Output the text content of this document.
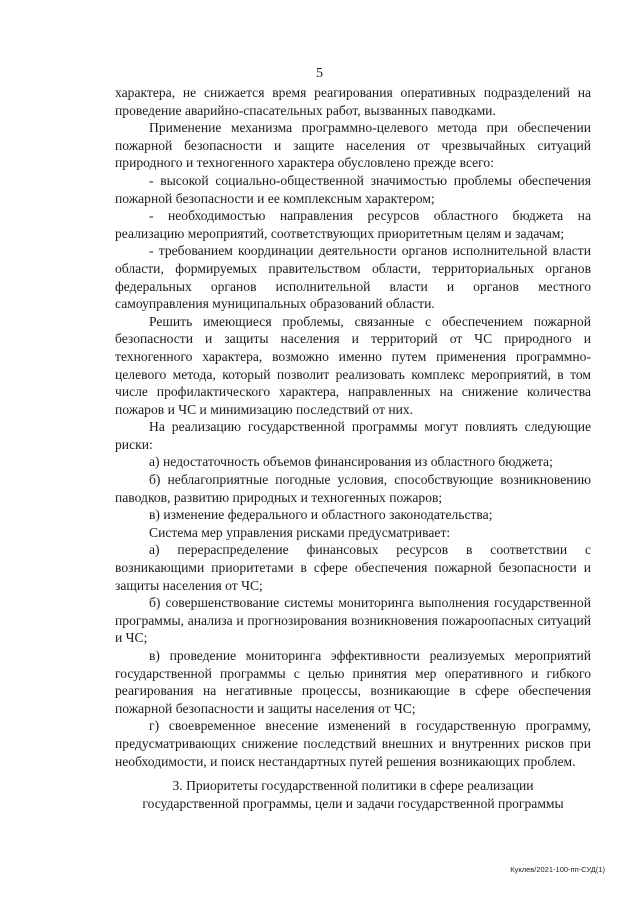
5

характера, не снижается время реагирования оперативных подразделений на проведение аварийно-спасательных работ, вызванных паводками.

Применение механизма программно-целевого метода при обеспечении пожарной безопасности и защите населения от чрезвычайных ситуаций природного и техногенного характера обусловлено прежде всего:

- высокой социально-общественной значимостью проблемы обеспечения пожарной безопасности и ее комплексным характером;

- необходимостью направления ресурсов областного бюджета на реализацию мероприятий, соответствующих приоритетным целям и задачам;

- требованием координации деятельности органов исполнительной власти области, формируемых правительством области, территориальных органов федеральных органов исполнительной власти и органов местного самоуправления муниципальных образований области.

Решить имеющиеся проблемы, связанные с обеспечением пожарной безопасности и защиты населения и территорий от ЧС природного и техногенного характера, возможно именно путем применения программно-целевого метода, который позволит реализовать комплекс мероприятий, в том числе профилактического характера, направленных на снижение количества пожаров и ЧС и минимизацию последствий от них.

На реализацию государственной программы могут повлиять следующие риски:

а) недостаточность объемов финансирования из областного бюджета;

б) неблагоприятные погодные условия, способствующие возникновению паводков, развитию природных и техногенных пожаров;

в) изменение федерального и областного законодательства;

Система мер управления рисками предусматривает:

а) перераспределение финансовых ресурсов в соответствии с возникающими приоритетами в сфере обеспечения пожарной безопасности и защиты населения от ЧС;

б) совершенствование системы мониторинга выполнения государственной программы, анализа и прогнозирования возникновения пожароопасных ситуаций и ЧС;

в) проведение мониторинга эффективности реализуемых мероприятий государственной программы с целью принятия мер оперативного и гибкого реагирования на негативные процессы, возникающие в сфере обеспечения пожарной безопасности и защиты населения от ЧС;

г) своевременное внесение изменений в государственную программу, предусматривающих снижение последствий внешних и внутренних рисков при необходимости, и поиск нестандартных путей решения возникающих проблем.

3. Приоритеты государственной политики в сфере реализации

государственной программы, цели и задачи государственной программы

Куклев/2021-100-пп-СУД(1)
